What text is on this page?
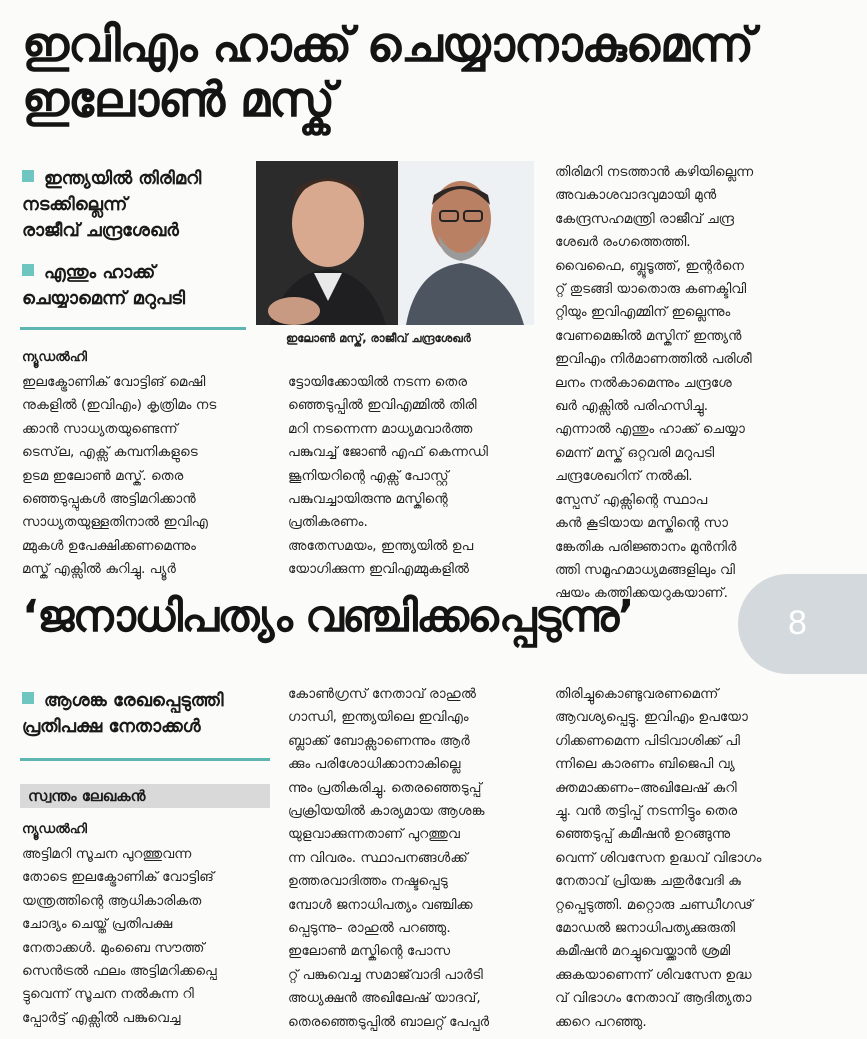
ഇവിഎം ഹാക്ക് ചെയ്യാനാകുമെന്ന്
ഇലോൺ മസ്ക്
ഇന്ത്യയിൽ തിരിമറി
നടക്കില്ലെന്ന്
രാജീവ് ചന്ദ്രശേഖർ
എന്തും ഹാക്ക്
ചെയ്യാമെന്ന് മറുപടി
ഇലോൺ മസ്ക്, രാജീവ് ചന്ദ്രശേഖർ
ന്യൂഡൽഹി
ഇലക്ട്രോണിക് വോട്ടിങ് മെഷി
നുകളിൽ (ഇവിഎം) കൃത്രിമം നട
ക്കാൻ സാധ്യതയുണ്ടെന്ന്
ടെസ്‌ല, എക്സ് കമ്പനികളുടെ
ഉടമ ഇലോൺ മസ്ക്. തെര
ഞ്ഞെടുപ്പുകൾ അട്ടിമറിക്കാൻ
സാധ്യതയുള്ളതിനാൽ ഇവിഎ
മ്മുകൾ ഉപേക്ഷിക്കണമെന്നും
മസ്ക് എക്സിൽ കുറിച്ചു. പ്യൂർ
ട്ടോയിക്കോയിൽ നടന്ന തെര
ഞ്ഞെടുപ്പിൽ ഇവിഎമ്മിൽ തിരി
മറി നടന്നെന്ന മാധ്യമവാർത്ത
പങ്കുവച്ച് ജോൺ എഫ് കെന്നഡി
ജൂനിയറിന്റെ എക്സ് പോസ്റ്റ്
പങ്കുവച്ചായിരുന്നു മസ്കിന്റെ
പ്രതികരണം.
അതേസമയം, ഇന്ത്യയിൽ ഉപ
യോഗിക്കുന്ന ഇവിഎമ്മുകളിൽ
തിരിമറി നടത്താൻ കഴിയില്ലെന്ന
അവകാശവാദവുമായി മുൻ
കേന്ദ്രസഹമന്ത്രി രാജീവ് ചന്ദ്ര
ശേഖർ രംഗത്തെത്തി.
വൈഫൈ, ബ്ലൂടൂത്ത്, ഇന്റർനെ
റ്റ് തുടങ്ങി യാതൊരു കണക്ടിവി
റ്റിയും ഇവിഎമ്മിന് ഇല്ലെന്നും
വേണമെങ്കിൽ മസ്കിന് ഇന്ത്യൻ
ഇവിഎം നിർമാണത്തിൽ പരിശീ
ലനം നൽകാമെന്നും ചന്ദ്രശേ
ഖർ എക്സിൽ പരിഹസിച്ചു.
എന്നാൽ എന്തും ഹാക്ക് ചെയ്യാ
മെന്ന് മസ്ക് ഒറ്റവരി മറുപടി
ചന്ദ്രശേഖറിന് നൽകി.
സ്പേസ് എക്സിന്റെ സ്ഥാപ
കൻ കൂടിയായ മസ്കിന്റെ സാ
ങ്കേതിക പരിജ്ഞാനം മുൻനിർ
ത്തി സമൂഹമാധ്യമങ്ങളിലും വി
ഷയം കത്തിക്കയറുകയാണ്.
8
‘ജനാധിപത്യം വഞ്ചിക്കപ്പെടുന്നു’
ആശങ്ക രേഖപ്പെടുത്തി
പ്രതിപക്ഷ നേതാക്കൾ
സ്വന്തം ലേഖകൻ
ന്യൂഡൽഹി
അട്ടിമറി സൂചന പുറത്തുവന്ന
തോടെ ഇലക്ട്രോണിക് വോട്ടിങ്
യന്ത്രത്തിന്റെ ആധികാരികത
ചോദ്യം ചെയ്ത് പ്രതിപക്ഷ
നേതാക്കൾ. മുംബൈ സൗത്ത്
സെൻട്രൽ ഫലം അട്ടിമറിക്കപ്പെ
ട്ടുവെന്ന് സൂചന നൽകുന്ന റി
പ്പോർട്ട് എക്സിൽ പങ്കുവെച്ച
കോൺഗ്രസ് നേതാവ് രാഹുൽ
ഗാന്ധി, ഇന്ത്യയിലെ ഇവിഎം
ബ്ലാക്ക് ബോക്സാണെന്നും ആർ
ക്കും പരിശോധിക്കാനാകില്ലെ
ന്നും പ്രതികരിച്ചു. തെരഞ്ഞെടുപ്പ്
പ്രക്രിയയിൽ കാര്യമായ ആശങ്ക
യുളവാക്കുന്നതാണ് പുറത്തുവ
ന്ന വിവരം. സ്ഥാപനങ്ങൾക്ക്
ഉത്തരവാദിത്തം നഷ്ടപ്പെടു
മ്പോൾ ജനാധിപത്യം വഞ്ചിക്ക
പ്പെടുന്നു– രാഹുൽ പറഞ്ഞു.
ഇലോൺ മസ്കിന്റെ പോസ
റ്റ് പങ്കുവെച്ച സമാജ്‌വാദി പാർടി
അധ്യക്ഷൻ അഖിലേഷ് യാദവ്,
തെരഞ്ഞെടുപ്പിൽ ബാലറ്റ് പേപ്പർ
തിരിച്ചുകൊണ്ടുവരണമെന്ന്
ആവശ്യപ്പെട്ടു. ഇവിഎം ഉപയോ
ഗിക്കണമെന്ന പിടിവാശിക്ക് പി
ന്നിലെ കാരണം ബിജെപി വ്യ
ക്തമാക്കണം–അഖിലേഷ് കുറി
ച്ചു. വൻ തട്ടിപ്പ് നടന്നിട്ടും തെര
ഞ്ഞെടുപ്പ് കമീഷൻ ഉറങ്ങുന്നു
വെന്ന് ശിവസേന ഉദ്ധവ് വിഭാഗം
നേതാവ് പ്രിയങ്ക ചതുർവേദി കു
റ്റപ്പെടുത്തി. മറ്റൊരു ചണ്ഡീഗഢ്
മോഡൽ ജനാധിപത്യക്കുരുതി
കമീഷൻ മറച്ചുവെയ്ക്കാൻ ശ്രമി
ക്കുകയാണെന്ന് ശിവസേന ഉദ്ധ
വ് വിഭാഗം നേതാവ് ആദിത്യതാ
ക്കറെ പറഞ്ഞു.
